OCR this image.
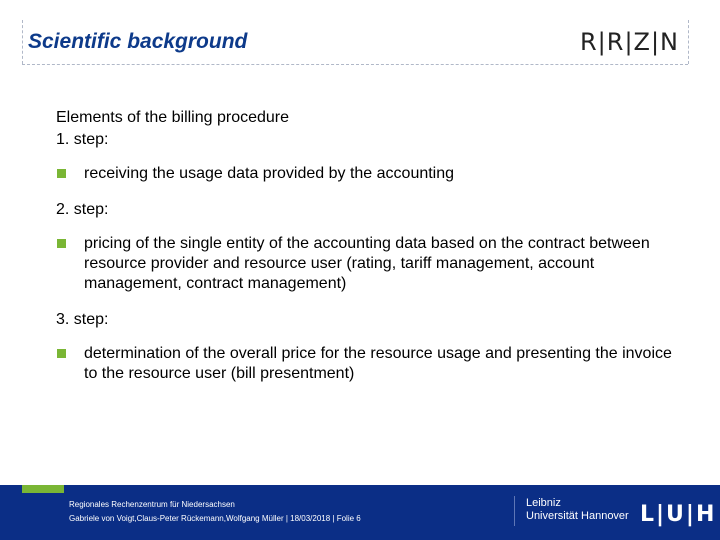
Scientific background	R|R|Z|N

Elements of the billing procedure

1. step:

receiving the usage data provided by the accounting

2. step:

pricing of the single entity of the accounting data based on the contract between resource provider and resource user (rating, tariff management, account management, contract management)

3. step:

determination of the overall price for the resource usage and presenting the invoice to the resource user (bill presentment)
Regionales Rechenzentrum für Niedersachsen
Gabriele von Voigt,Claus-Peter Rückemann,Wolfgang Müller | 18/03/2018 | Folie 6
Leibniz
Universität Hannover L|U|H
